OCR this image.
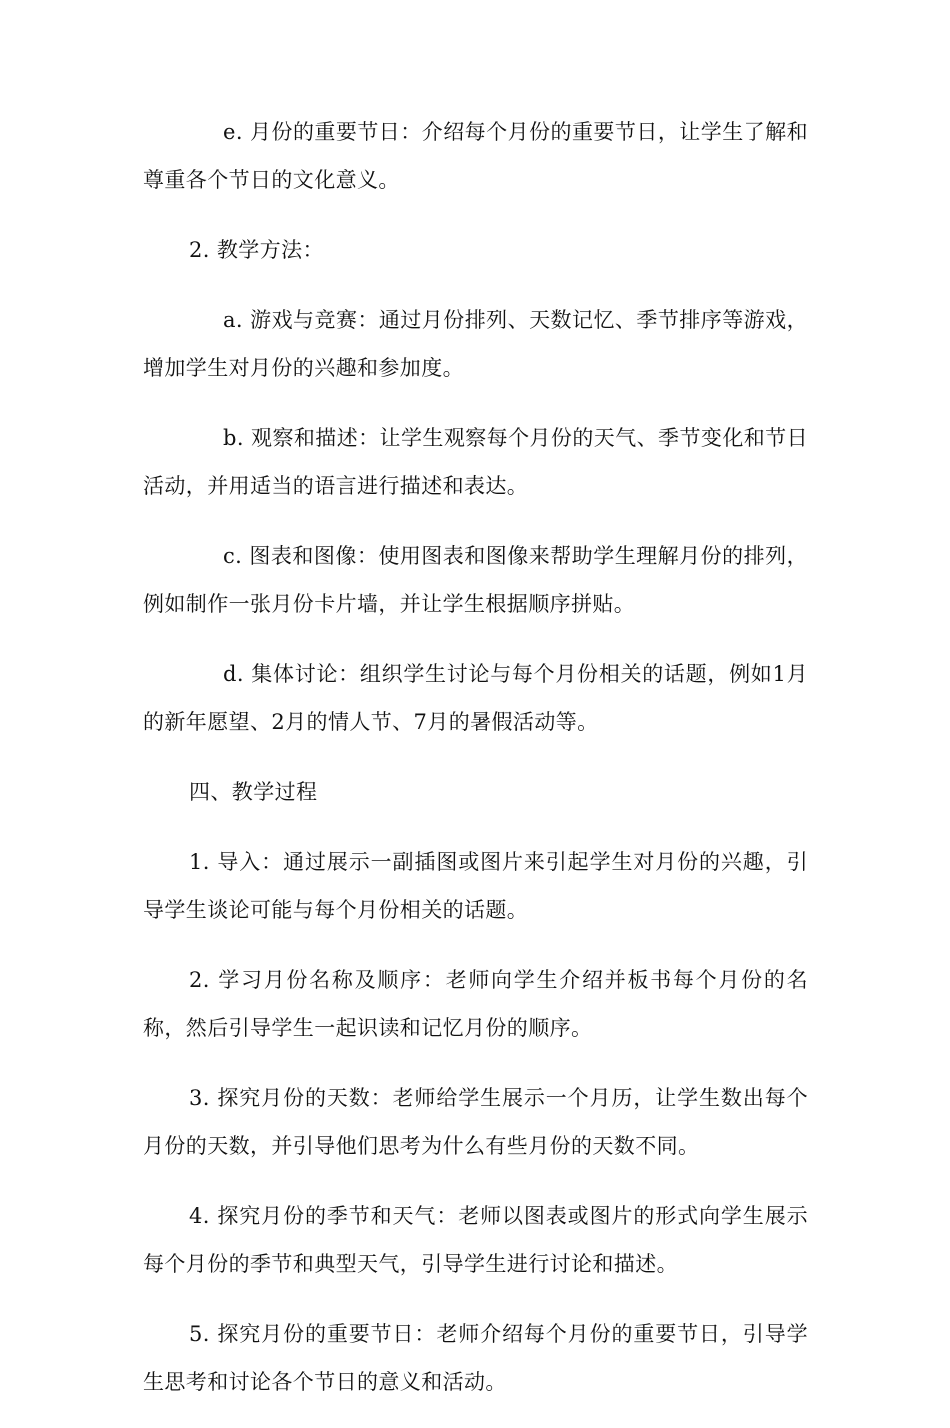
e. 月份的重要节日：介绍每个月份的重要节日，让学生了解和尊重各个节日的文化意义。

2. 教学方法：

a. 游戏与竞赛：通过月份排列、天数记忆、季节排序等游戏，增加学生对月份的兴趣和参加度。

b. 观察和描述：让学生观察每个月份的天气、季节变化和节日活动，并用适当的语言进行描述和表达。

c. 图表和图像：使用图表和图像来帮助学生理解月份的排列，例如制作一张月份卡片墙，并让学生根据顺序拼贴。

d. 集体讨论：组织学生讨论与每个月份相关的话题，例如1月的新年愿望、2月的情人节、7月的暑假活动等。

四、教学过程

1. 导入：通过展示一副插图或图片来引起学生对月份的兴趣，引导学生谈论可能与每个月份相关的话题。

2. 学习月份名称及顺序：老师向学生介绍并板书每个月份的名称，然后引导学生一起识读和记忆月份的顺序。

3. 探究月份的天数：老师给学生展示一个月历，让学生数出每个月份的天数，并引导他们思考为什么有些月份的天数不同。

4. 探究月份的季节和天气：老师以图表或图片的形式向学生展示每个月份的季节和典型天气，引导学生进行讨论和描述。

5. 探究月份的重要节日：老师介绍每个月份的重要节日，引导学生思考和讨论各个节日的意义和活动。
